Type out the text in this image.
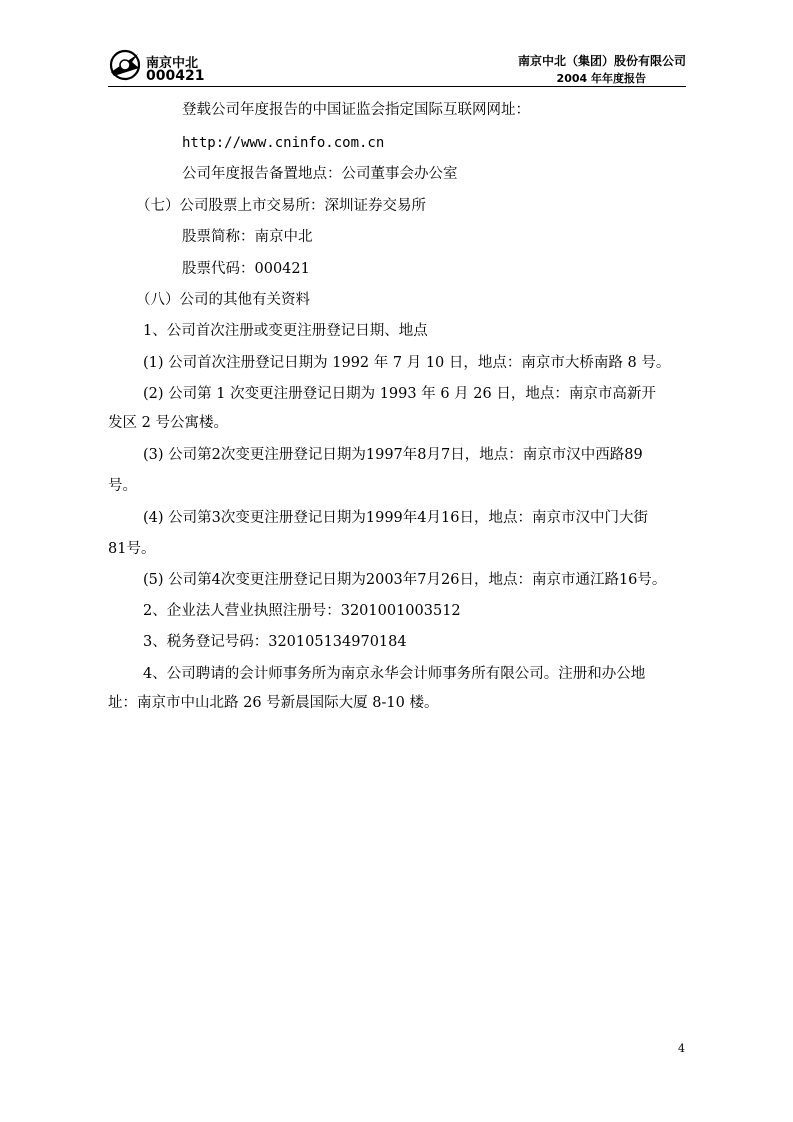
南京中北
000421
南京中北（集团）股份有限公司
2004 年年度报告
登载公司年度报告的中国证监会指定国际互联网网址：
http://www.cninfo.com.cn
公司年度报告备置地点：公司董事会办公室
（七）公司股票上市交易所：深圳证券交易所
股票简称：南京中北
股票代码：000421
（八）公司的其他有关资料
1、公司首次注册或变更注册登记日期、地点
(1) 公司首次注册登记日期为 1992 年 7 月 10 日，地点：南京市大桥南路 8 号。
(2) 公司第 1 次变更注册登记日期为 1993 年 6 月 26 日，地点：南京市高新开
发区 2 号公寓楼。
(3) 公司第2次变更注册登记日期为1997年8月7日，地点：南京市汉中西路89
号。
(4) 公司第3次变更注册登记日期为1999年4月16日，地点：南京市汉中门大街
81号。
(5) 公司第4次变更注册登记日期为2003年7月26日，地点：南京市通江路16号。
2、企业法人营业执照注册号：3201001003512
3、税务登记号码：320105134970184
4、公司聘请的会计师事务所为南京永华会计师事务所有限公司。注册和办公地
址：南京市中山北路 26 号新晨国际大厦 8-10 楼。
4
